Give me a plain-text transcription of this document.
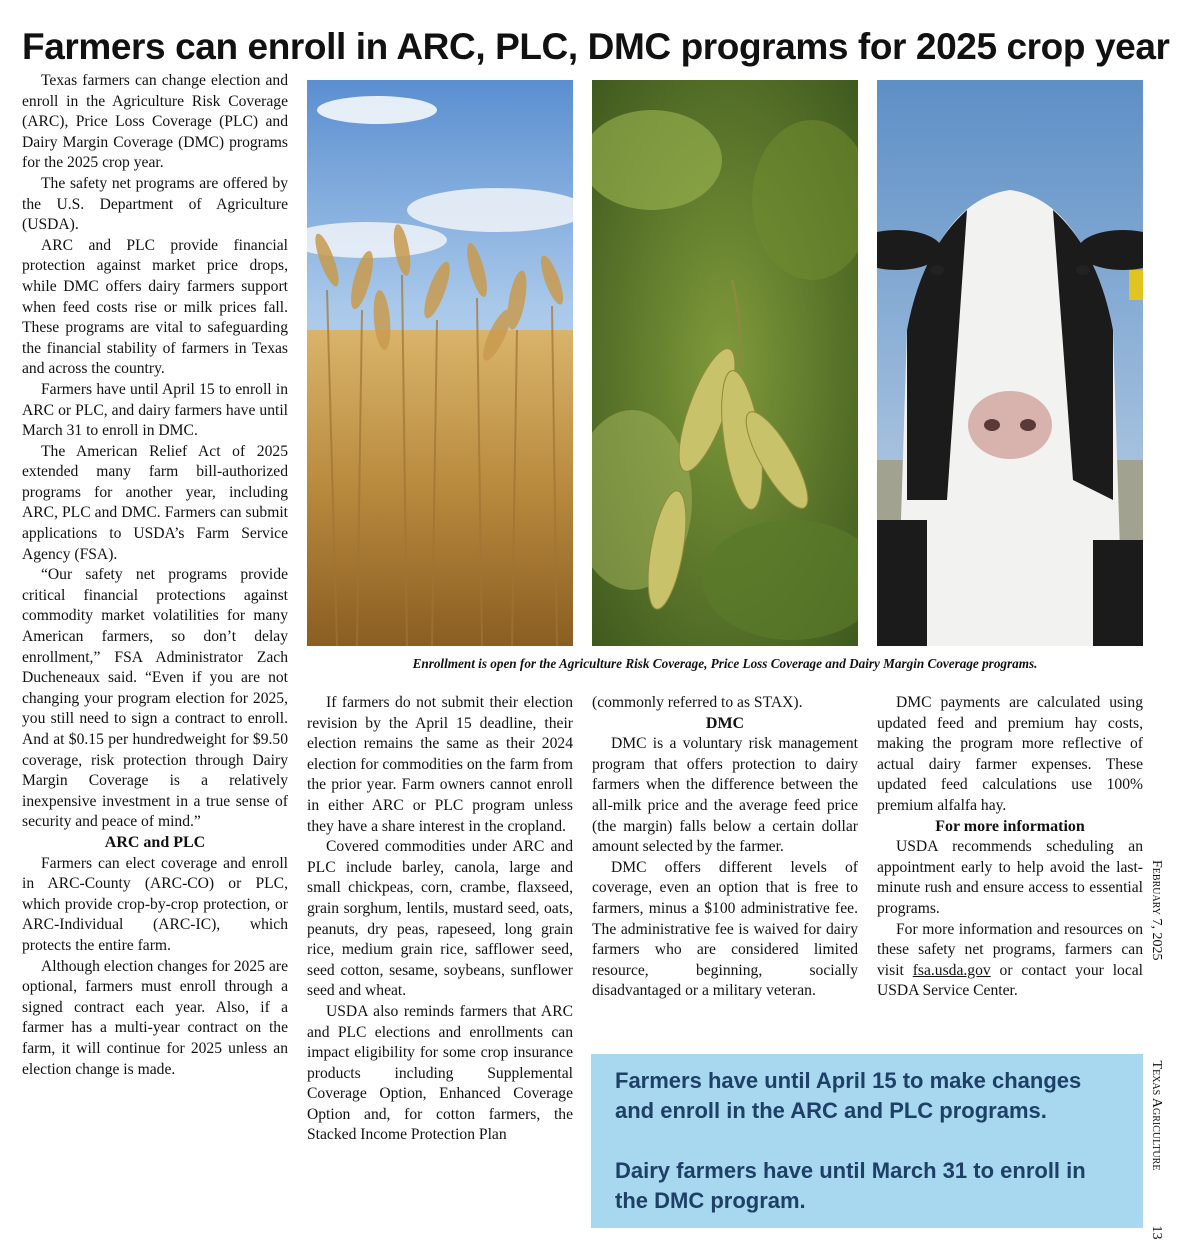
Farmers can enroll in ARC, PLC, DMC programs for 2025 crop year

Texas farmers can change election and enroll in the Agriculture Risk Coverage (ARC), Price Loss Coverage (PLC) and Dairy Margin Coverage (DMC) programs for the 2025 crop year.

The safety net programs are offered by the U.S. Department of Agriculture (USDA).

ARC and PLC provide financial protection against market price drops, while DMC offers dairy farmers support when feed costs rise or milk prices fall. These programs are vital to safeguarding the financial stability of farmers in Texas and across the country.

Farmers have until April 15 to enroll in ARC or PLC, and dairy farmers have until March 31 to enroll in DMC.

The American Relief Act of 2025 extended many farm bill-authorized programs for another year, including ARC, PLC and DMC. Farmers can submit applications to USDA’s Farm Service Agency (FSA).

“Our safety net programs provide critical financial protections against commodity market volatilities for many American farmers, so don’t delay enrollment,” FSA Administrator Zach Ducheneaux said. “Even if you are not changing your program election for 2025, you still need to sign a contract to enroll. And at $0.15 per hundredweight for $9.50 coverage, risk protection through Dairy Margin Coverage is a relatively inexpensive investment in a true sense of security and peace of mind.”

ARC and PLC

Farmers can elect coverage and enroll in ARC-County (ARC-CO) or PLC, which provide crop-by-crop protection, or ARC-Individual (ARC-IC), which protects the entire farm.

Although election changes for 2025 are optional, farmers must enroll through a signed contract each year. Also, if a farmer has a multi-year contract on the farm, it will continue for 2025 unless an election change is made.

Enrollment is open for the Agriculture Risk Coverage, Price Loss Coverage and Dairy Margin Coverage programs.

If farmers do not submit their election revision by the April 15 deadline, their election remains the same as their 2024 election for commodities on the farm from the prior year. Farm owners cannot enroll in either ARC or PLC program unless they have a share interest in the cropland.

Covered commodities under ARC and PLC include barley, canola, large and small chickpeas, corn, crambe, flaxseed, grain sorghum, lentils, mustard seed, oats, peanuts, dry peas, rapeseed, long grain rice, medium grain rice, safflower seed, seed cotton, sesame, soybeans, sunflower seed and wheat.

USDA also reminds farmers that ARC and PLC elections and enrollments can impact eligibility for some crop insurance products including Supplemental Coverage Option, Enhanced Coverage Option and, for cotton farmers, the Stacked Income Protection Plan

(commonly referred to as STAX).

DMC

DMC is a voluntary risk management program that offers protection to dairy farmers when the difference between the all-milk price and the average feed price (the margin) falls below a certain dollar amount selected by the farmer.

DMC offers different levels of coverage, even an option that is free to farmers, minus a $100 administrative fee. The administrative fee is waived for dairy farmers who are considered limited resource, beginning, socially disadvantaged or a military veteran.

DMC payments are calculated using updated feed and premium hay costs, making the program more reflective of actual dairy farmer expenses. These updated feed calculations use 100% premium alfalfa hay.

For more information

USDA recommends scheduling an appointment early to help avoid the last-minute rush and ensure access to essential programs.

For more information and resources on these safety net programs, farmers can visit fsa.usda.gov or contact your local USDA Service Center.

Farmers have until April 15 to make changes and enroll in the ARC and PLC programs.

Dairy farmers have until March 31 to enroll in the DMC program.

February 7, 2025Texas Agriculture13
